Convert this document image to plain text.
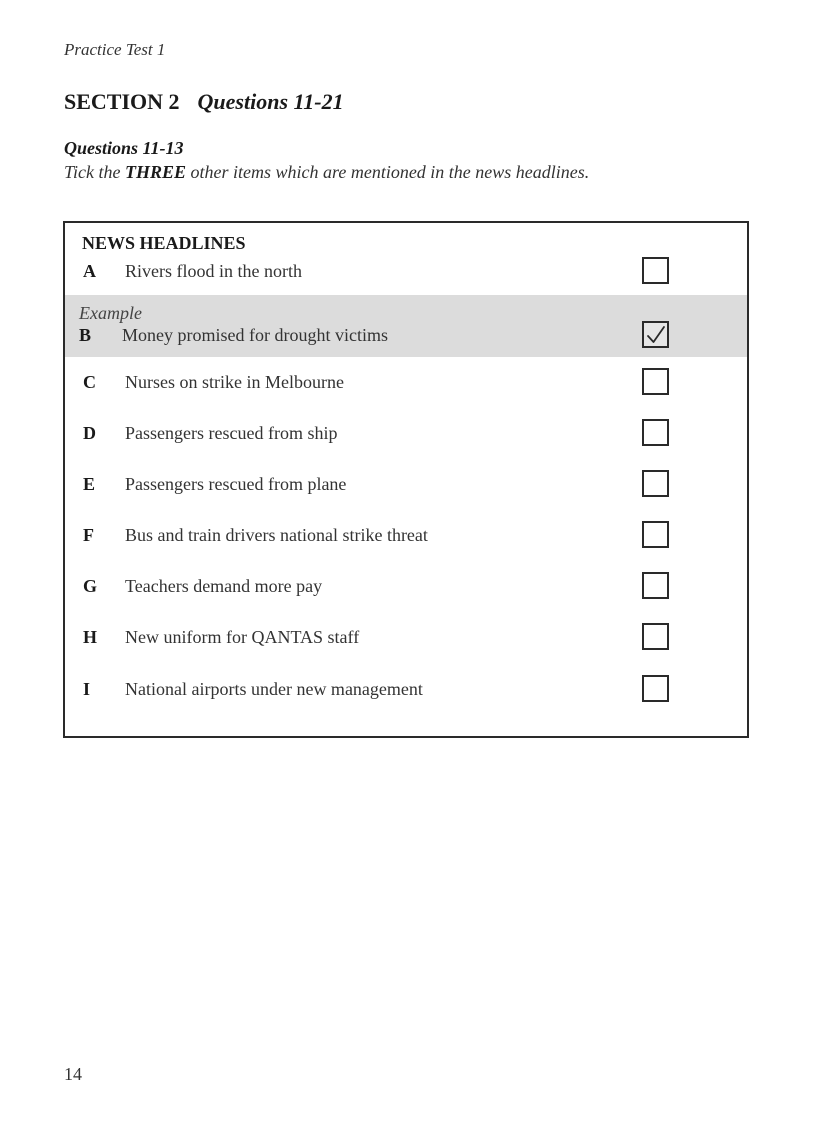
Practice Test 1
SECTION 2 Questions 11-21
Questions 11-13
Tick the THREE other items which are mentioned in the news headlines.
NEWS HEADLINES
Example
A Rivers flood in the north
B Money promised for drought victims
C Nurses on strike in Melbourne
D Passengers rescued from ship
E Passengers rescued from plane
F Bus and train drivers national strike threat
G Teachers demand more pay
H New uniform for QANTAS staff
I National airports under new management
14
